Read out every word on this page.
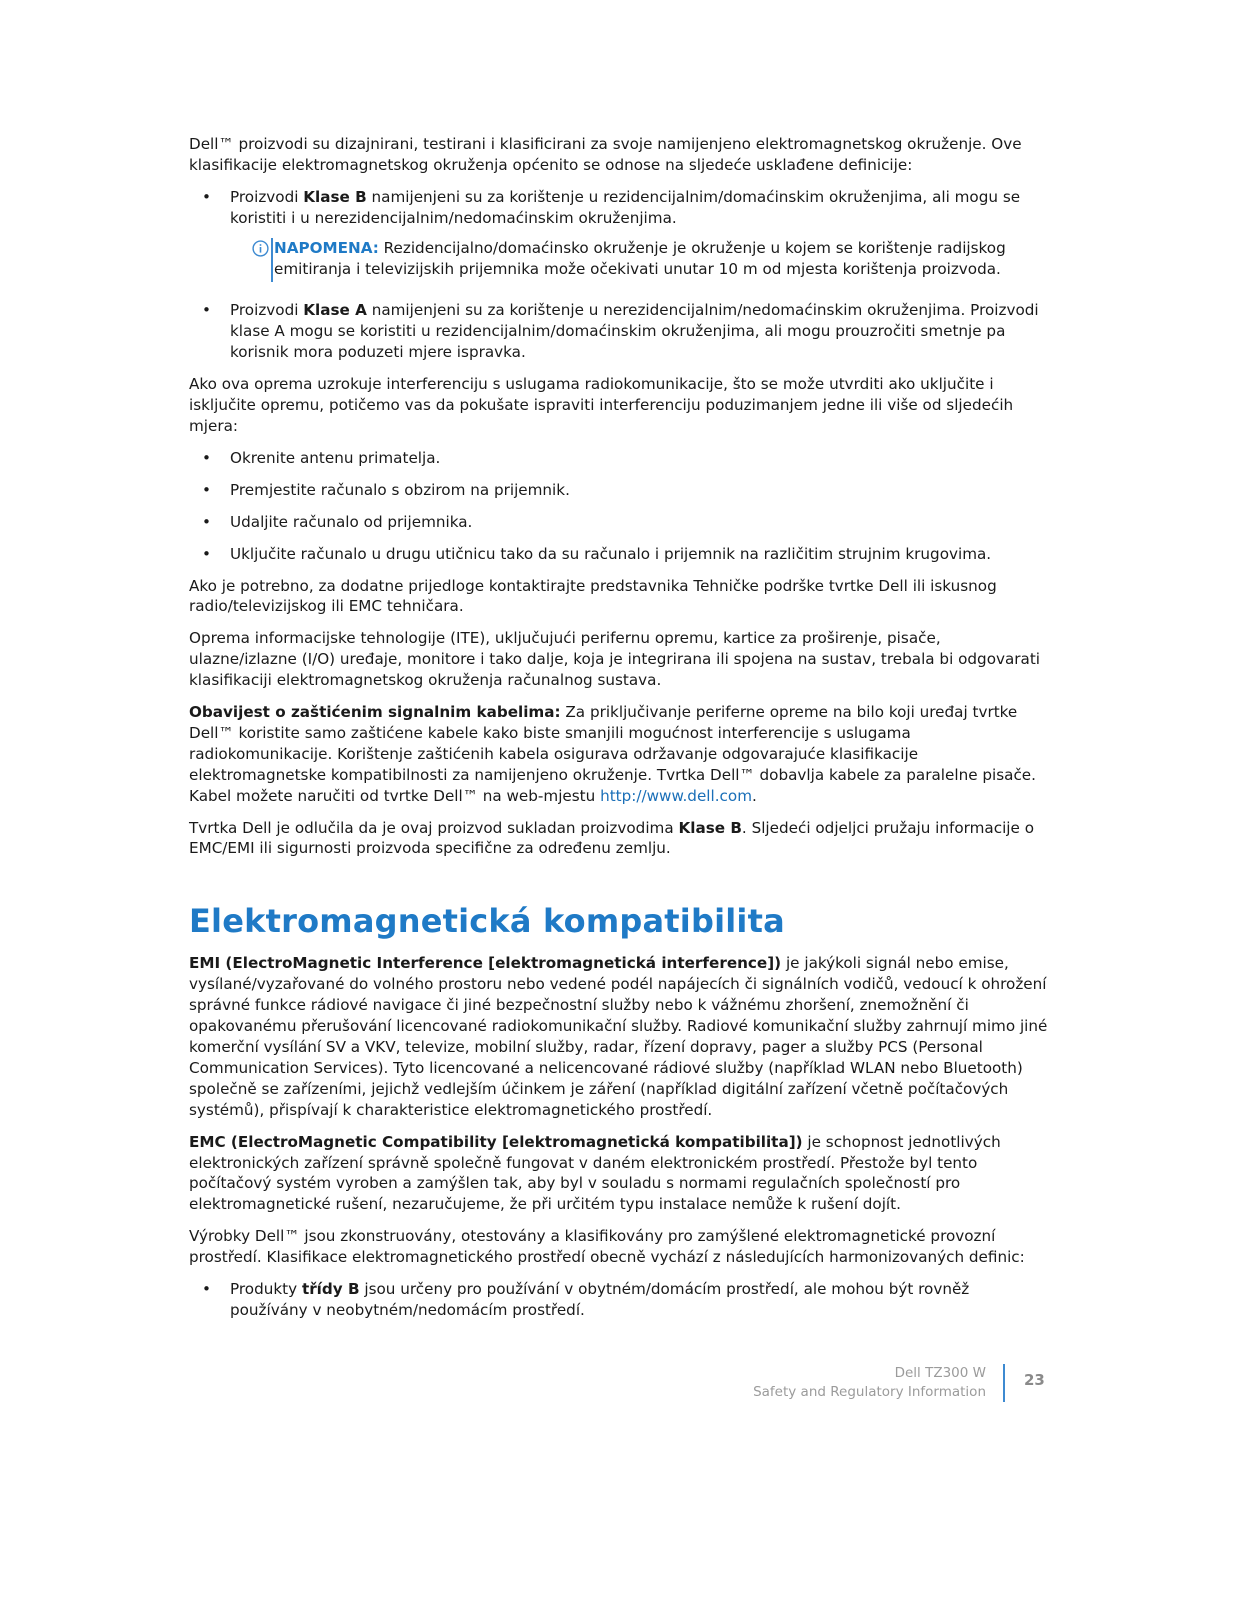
Dell™ proizvodi su dizajnirani, testirani i klasificirani za svoje namijenjeno elektromagnetskog okruženje. Ove klasifikacije elektromagnetskog okruženja općenito se odnose na sljedeće usklađene definicije:

• Proizvodi Klase B namijenjeni su za korištenje u rezidencijalnim/domaćinskim okruženjima, ali mogu se koristiti i u nerezidencijalnim/nedomaćinskim okruženjima.
NAPOMENA: Rezidencijalno/domaćinsko okruženje je okruženje u kojem se korištenje radijskog emitiranja i televizijskih prijemnika može očekivati unutar 10 m od mjesta korištenja proizvoda.
• Proizvodi Klase A namijenjeni su za korištenje u nerezidencijalnim/nedomaćinskim okruženjima. Proizvodi klase A mogu se koristiti u rezidencijalnim/domaćinskim okruženjima, ali mogu prouzročiti smetnje pa korisnik mora poduzeti mjere ispravka.

Ako ova oprema uzrokuje interferenciju s uslugama radiokomunikacije, što se može utvrditi ako uključite i isključite opremu, potičemo vas da pokušate ispraviti interferenciju poduzimanjem jedne ili više od sljedećih mjera:

• Okrenite antenu primatelja.
• Premjestite računalo s obzirom na prijemnik.
• Udaljite računalo od prijemnika.
• Uključite računalo u drugu utičnicu tako da su računalo i prijemnik na različitim strujnim krugovima.

Ako je potrebno, za dodatne prijedloge kontaktirajte predstavnika Tehničke podrške tvrtke Dell ili iskusnog radio/televizijskog ili EMC tehničara.

Oprema informacijske tehnologije (ITE), uključujući perifernu opremu, kartice za proširenje, pisače, ulazne/izlazne (I/O) uređaje, monitore i tako dalje, koja je integrirana ili spojena na sustav, trebala bi odgovarati klasifikaciji elektromagnetskog okruženja računalnog sustava.

Obavijest o zaštićenim signalnim kabelima: Za priključivanje periferne opreme na bilo koji uređaj tvrtke Dell™ koristite samo zaštićene kabele kako biste smanjili mogućnost interferencije s uslugama radiokomunikacije. Korištenje zaštićenih kabela osigurava održavanje odgovarajuće klasifikacije elektromagnetske kompatibilnosti za namijenjeno okruženje. Tvrtka Dell™ dobavlja kabele za paralelne pisače. Kabel možete naručiti od tvrtke Dell™ na web-mjestu http://www.dell.com.

Tvrtka Dell je odlučila da je ovaj proizvod sukladan proizvodima Klase B. Sljedeći odjeljci pružaju informacije o EMC/EMI ili sigurnosti proizvoda specifične za određenu zemlju.

Elektromagnetická kompatibilita

EMI (ElectroMagnetic Interference [elektromagnetická interference]) je jakýkoli signál nebo emise, vysílané/vyzařované do volného prostoru nebo vedené podél napájecích či signálních vodičů, vedoucí k ohrožení správné funkce rádiové navigace či jiné bezpečnostní služby nebo k vážnému zhoršení, znemožnění či opakovanému přerušování licencované radiokomunikační služby. Radiové komunikační služby zahrnují mimo jiné komerční vysílání SV a VKV, televize, mobilní služby, radar, řízení dopravy, pager a služby PCS (Personal Communication Services). Tyto licencované a nelicencované rádiové služby (například WLAN nebo Bluetooth) společně se zařízeními, jejichž vedlejším účinkem je záření (například digitální zařízení včetně počítačových systémů), přispívají k charakteristice elektromagnetického prostředí.

EMC (ElectroMagnetic Compatibility [elektromagnetická kompatibilita]) je schopnost jednotlivých elektronických zařízení správně společně fungovat v daném elektronickém prostředí. Přestože byl tento počítačový systém vyroben a zamýšlen tak, aby byl v souladu s normami regulačních společností pro elektromagnetické rušení, nezaručujeme, že při určitém typu instalace nemůže k rušení dojít.

Výrobky Dell™ jsou zkonstruovány, otestovány a klasifikovány pro zamýšlené elektromagnetické provozní prostředí. Klasifikace elektromagnetického prostředí obecně vychází z následujících harmonizovaných definic:

• Produkty třídy B jsou určeny pro používání v obytném/domácím prostředí, ale mohou být rovněž používány v neobytném/nedomácím prostředí.
Dell TZ300 W
Safety and Regulatory Information
23
